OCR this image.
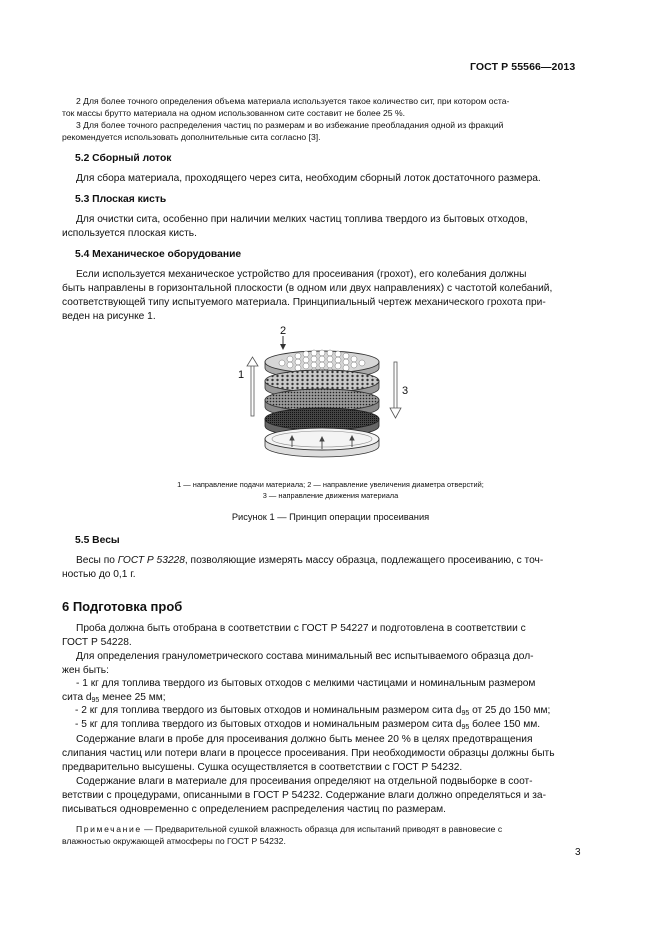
ГОСТ Р 55566—2013
2 Для более точного определения объема материала используется такое количество сит, при котором оста-
ток массы брутто материала на одном использованном сите составит не более 25 %.
3 Для более точного распределения частиц по размерам и во избежание преобладания одной из фракций
рекомендуется использовать дополнительные сита согласно [3].
5.2 Сборный лоток
Для сбора материала, проходящего через сита, необходим сборный лоток достаточного размера.
5.3 Плоская кисть
Для очистки сита, особенно при наличии мелких частиц топлива твердого из бытовых отходов,
используется плоская кисть.
5.4 Механическое оборудование
Если используется механическое устройство для просеивания (грохот), его колебания должны
быть направлены в горизонтальной плоскости (в одном или двух направлениях) с частотой колебаний,
соответствующей типу испытуемого материала. Принципиальный чертеж механического грохота при-
веден на рисунке 1.
2
1
3
1 — направление подачи материала; 2 — направление увеличения диаметра отверстий;
3 — направление движения материала
Рисунок 1 — Принцип операции просеивания
5.5 Весы
Весы по ГОСТ Р 53228, позволяющие измерять массу образца, подлежащего просеиванию, с точ-
ностью до 0,1 г.
6 Подготовка проб
Проба должна быть отобрана в соответствии с ГОСТ Р 54227 и подготовлена в соответствии с
ГОСТ Р 54228.
Для определения гранулометрического состава минимальный вес испытываемого образца дол-
жен быть:
- 1 кг для топлива твердого из бытовых отходов с мелкими частицами и номинальным размером
сита $d_{95}$ менее 25 мм;
- 2 кг для топлива твердого из бытовых отходов и номинальным размером сита $d_{95}$ от 25 до 150 мм;
- 5 кг для топлива твердого из бытовых отходов и номинальным размером сита $d_{95}$ более 150 мм.
Содержание влаги в пробе для просеивания должно быть менее 20 % в целях предотвращения
слипания частиц или потери влаги в процессе просеивания. При необходимости образцы должны быть
предварительно высушены. Сушка осуществляется в соответствии с ГОСТ Р 54232.
Содержание влаги в материале для просеивания определяют на отдельной подвыборке в соот-
ветствии с процедурами, описанными в ГОСТ Р 54232. Содержание влаги должно определяться и за-
писываться одновременно с определением распределения частиц по размерам.
Примечание — Предварительной сушкой влажность образца для испытаний приводят в равновесие с
влажностью окружающей атмосферы по ГОСТ Р 54232.
3
